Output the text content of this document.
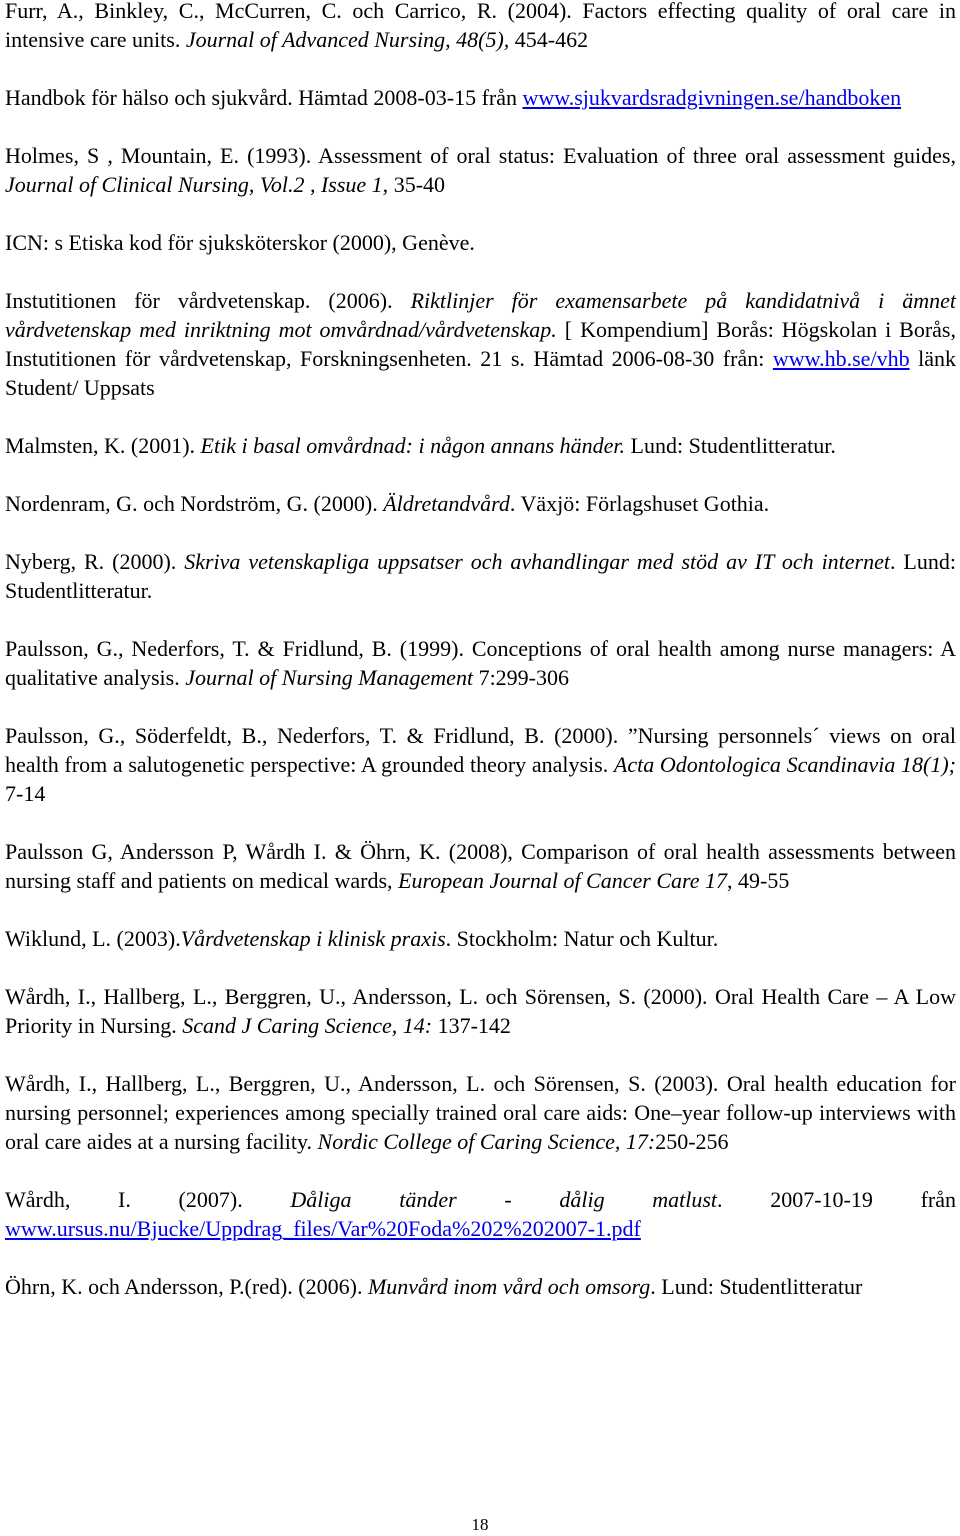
Furr, A., Binkley, C., McCurren, C. och Carrico, R. (2004). Factors effecting quality of oral care in intensive care units. Journal of Advanced Nursing, 48(5), 454-462

Handbok för hälso och sjukvård. Hämtad 2008-03-15 från www.sjukvardsradgivningen.se/handboken

Holmes, S , Mountain, E. (1993). Assessment of oral status: Evaluation of three oral assessment guides, Journal of Clinical Nursing, Vol.2 , Issue 1, 35-40

ICN: s Etiska kod för sjuksköterskor (2000), Genève.

Instutitionen för vårdvetenskap. (2006). Riktlinjer för examensarbete på kandidatnivå i ämnet vårdvetenskap med inriktning mot omvårdnad/vårdvetenskap. [ Kompendium] Borås: Högskolan i Borås, Instutitionen för vårdvetenskap, Forskningsenheten. 21 s. Hämtad 2006-08-30 från: www.hb.se/vhb länk Student/ Uppsats

Malmsten, K. (2001). Etik i basal omvårdnad: i någon annans händer. Lund: Studentlitteratur.

Nordenram, G. och Nordström, G. (2000). Äldretandvård. Växjö: Förlagshuset Gothia.

Nyberg, R. (2000). Skriva vetenskapliga uppsatser och avhandlingar med stöd av IT och internet. Lund: Studentlitteratur.

Paulsson, G., Nederfors, T. & Fridlund, B. (1999). Conceptions of oral health among nurse managers: A qualitative analysis. Journal of Nursing Management 7:299-306

Paulsson, G., Söderfeldt, B., Nederfors, T. & Fridlund, B. (2000). ”Nursing personnels´ views on oral health from a salutogenetic perspective: A grounded theory analysis. Acta Odontologica Scandinavia 18(1); 7-14

Paulsson G, Andersson P, Wårdh I. & Öhrn, K. (2008), Comparison of oral health assessments between nursing staff and patients on medical wards, European Journal of Cancer Care 17, 49-55

Wiklund, L. (2003).Vårdvetenskap i klinisk praxis. Stockholm: Natur och Kultur.

Wårdh, I., Hallberg, L., Berggren, U., Andersson, L. och Sörensen, S. (2000). Oral Health Care – A Low Priority in Nursing. Scand J Caring Science, 14: 137-142

Wårdh, I., Hallberg, L., Berggren, U., Andersson, L. och Sörensen, S. (2003). Oral health education for nursing personnel; experiences among specially trained oral care aids: One–year follow-up interviews with oral care aides at a nursing facility. Nordic College of Caring Science, 17:250-256

Wårdh, I. (2007). Dåliga tänder - dålig matlust. 2007-10-19 från www.ursus.nu/Bjucke/Uppdrag_files/Var%20Foda%202%202007-1.pdf

Öhrn, K. och Andersson, P.(red). (2006). Munvård inom vård och omsorg. Lund: Studentlitteratur

18
